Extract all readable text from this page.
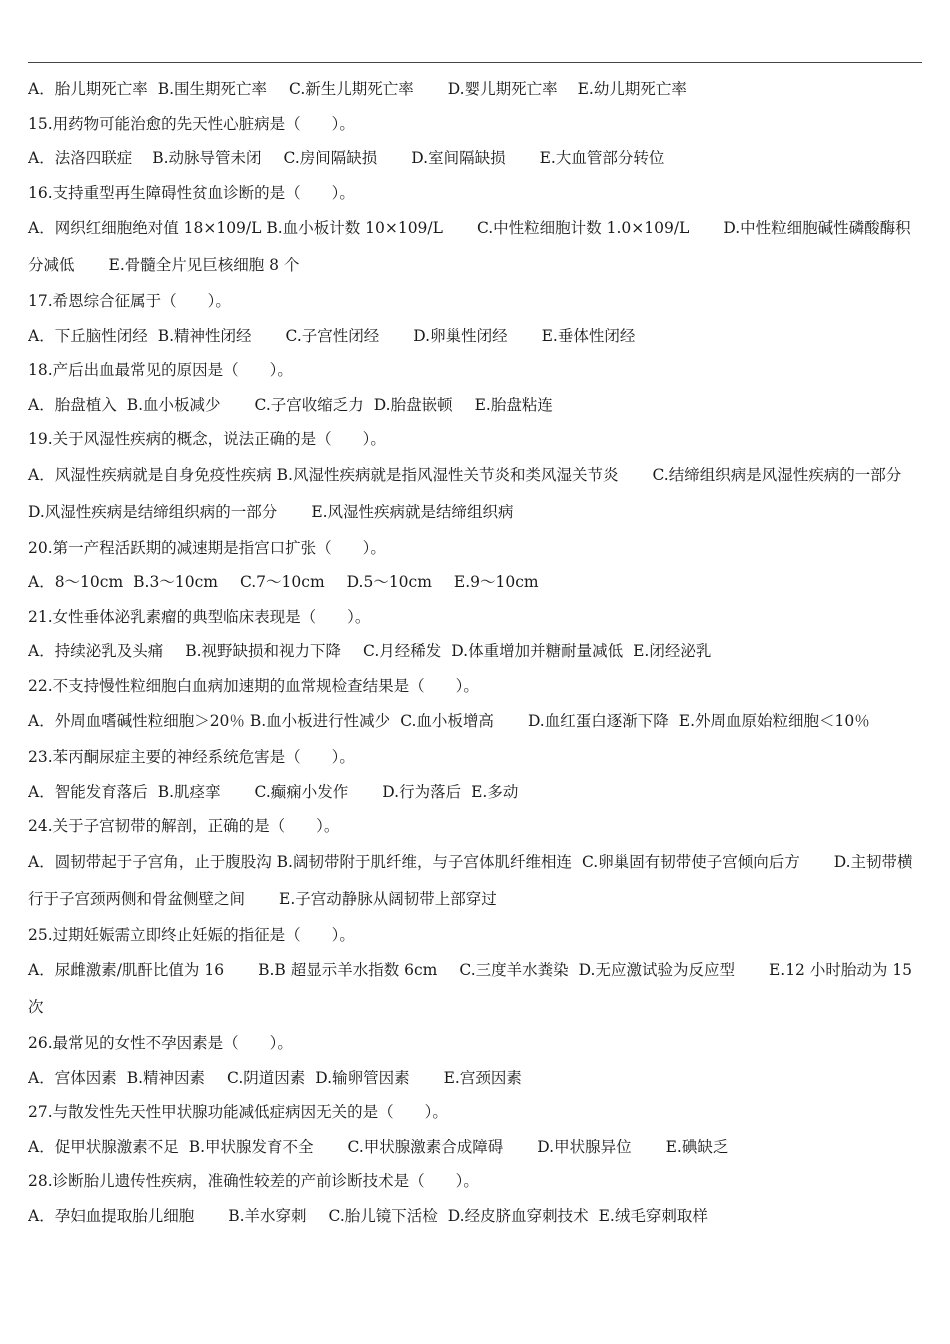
A．胎儿期死亡率 B.围生期死亡率 C.新生儿期死亡率 D.婴儿期死亡率 E.幼儿期死亡率
15.用药物可能治愈的先天性心脏病是（　　）。
A．法洛四联症 B.动脉导管未闭 C.房间隔缺损 D.室间隔缺损 E.大血管部分转位
16.支持重型再生障碍性贫血诊断的是（　　）。
A．网织红细胞绝对值 18×109/L B.血小板计数 10×109/L C.中性粒细胞计数 1.0×109/L D.中性粒细胞碱性磷酸酶积分减低 E.骨髓全片见巨核细胞 8 个
17.希恩综合征属于（　　）。
A．下丘脑性闭经 B.精神性闭经 C.子宫性闭经 D.卵巢性闭经 E.垂体性闭经
18.产后出血最常见的原因是（　　）。
A．胎盘植入 B.血小板减少 C.子宫收缩乏力 D.胎盘嵌顿 E.胎盘粘连
19.关于风湿性疾病的概念，说法正确的是（　　）。
A．风湿性疾病就是自身免疫性疾病 B.风湿性疾病就是指风湿性关节炎和类风湿关节炎 C.结缔组织病是风湿性疾病的一部分D.风湿性疾病是结缔组织病的一部分 E.风湿性疾病就是结缔组织病
20.第一产程活跃期的减速期是指宫口扩张（　　）。
A．8～10cm B.3～10cm C.7～10cm D.5～10cm E.9～10cm
21.女性垂体泌乳素瘤的典型临床表现是（　　）。
A．持续泌乳及头痛 B.视野缺损和视力下降 C.月经稀发 D.体重增加并糖耐量减低 E.闭经泌乳
22.不支持慢性粒细胞白血病加速期的血常规检查结果是（　　）。
A．外周血嗜碱性粒细胞＞20％ B.血小板进行性减少 C.血小板增高 D.血红蛋白逐渐下降 E.外周血原始粒细胞＜10％
23.苯丙酮尿症主要的神经系统危害是（　　）。
A．智能发育落后 B.肌痉挛 C.癫痫小发作 D.行为落后 E.多动
24.关于子宫韧带的解剖，正确的是（　　）。
A．圆韧带起于子宫角，止于腹股沟 B.阔韧带附于肌纤维，与子宫体肌纤维相连 C.卵巢固有韧带使子宫倾向后方 D.主韧带横行于子宫颈两侧和骨盆侧壁之间 E.子宫动静脉从阔韧带上部穿过
25.过期妊娠需立即终止妊娠的指征是（　　）。
A．尿雌激素/肌酐比值为 16 B.B 超显示羊水指数 6cm C.三度羊水粪染 D.无应激试验为反应型 E.12 小时胎动为 15 次
26.最常见的女性不孕因素是（　　）。
A．宫体因素 B.精神因素 C.阴道因素 D.输卵管因素 E.宫颈因素
27.与散发性先天性甲状腺功能减低症病因无关的是（　　）。
A．促甲状腺激素不足 B.甲状腺发育不全 C.甲状腺激素合成障碍 D.甲状腺异位 E.碘缺乏
28.诊断胎儿遗传性疾病，准确性较差的产前诊断技术是（　　）。
A．孕妇血提取胎儿细胞 B.羊水穿刺 C.胎儿镜下活检 D.经皮脐血穿刺技术 E.绒毛穿刺取样
